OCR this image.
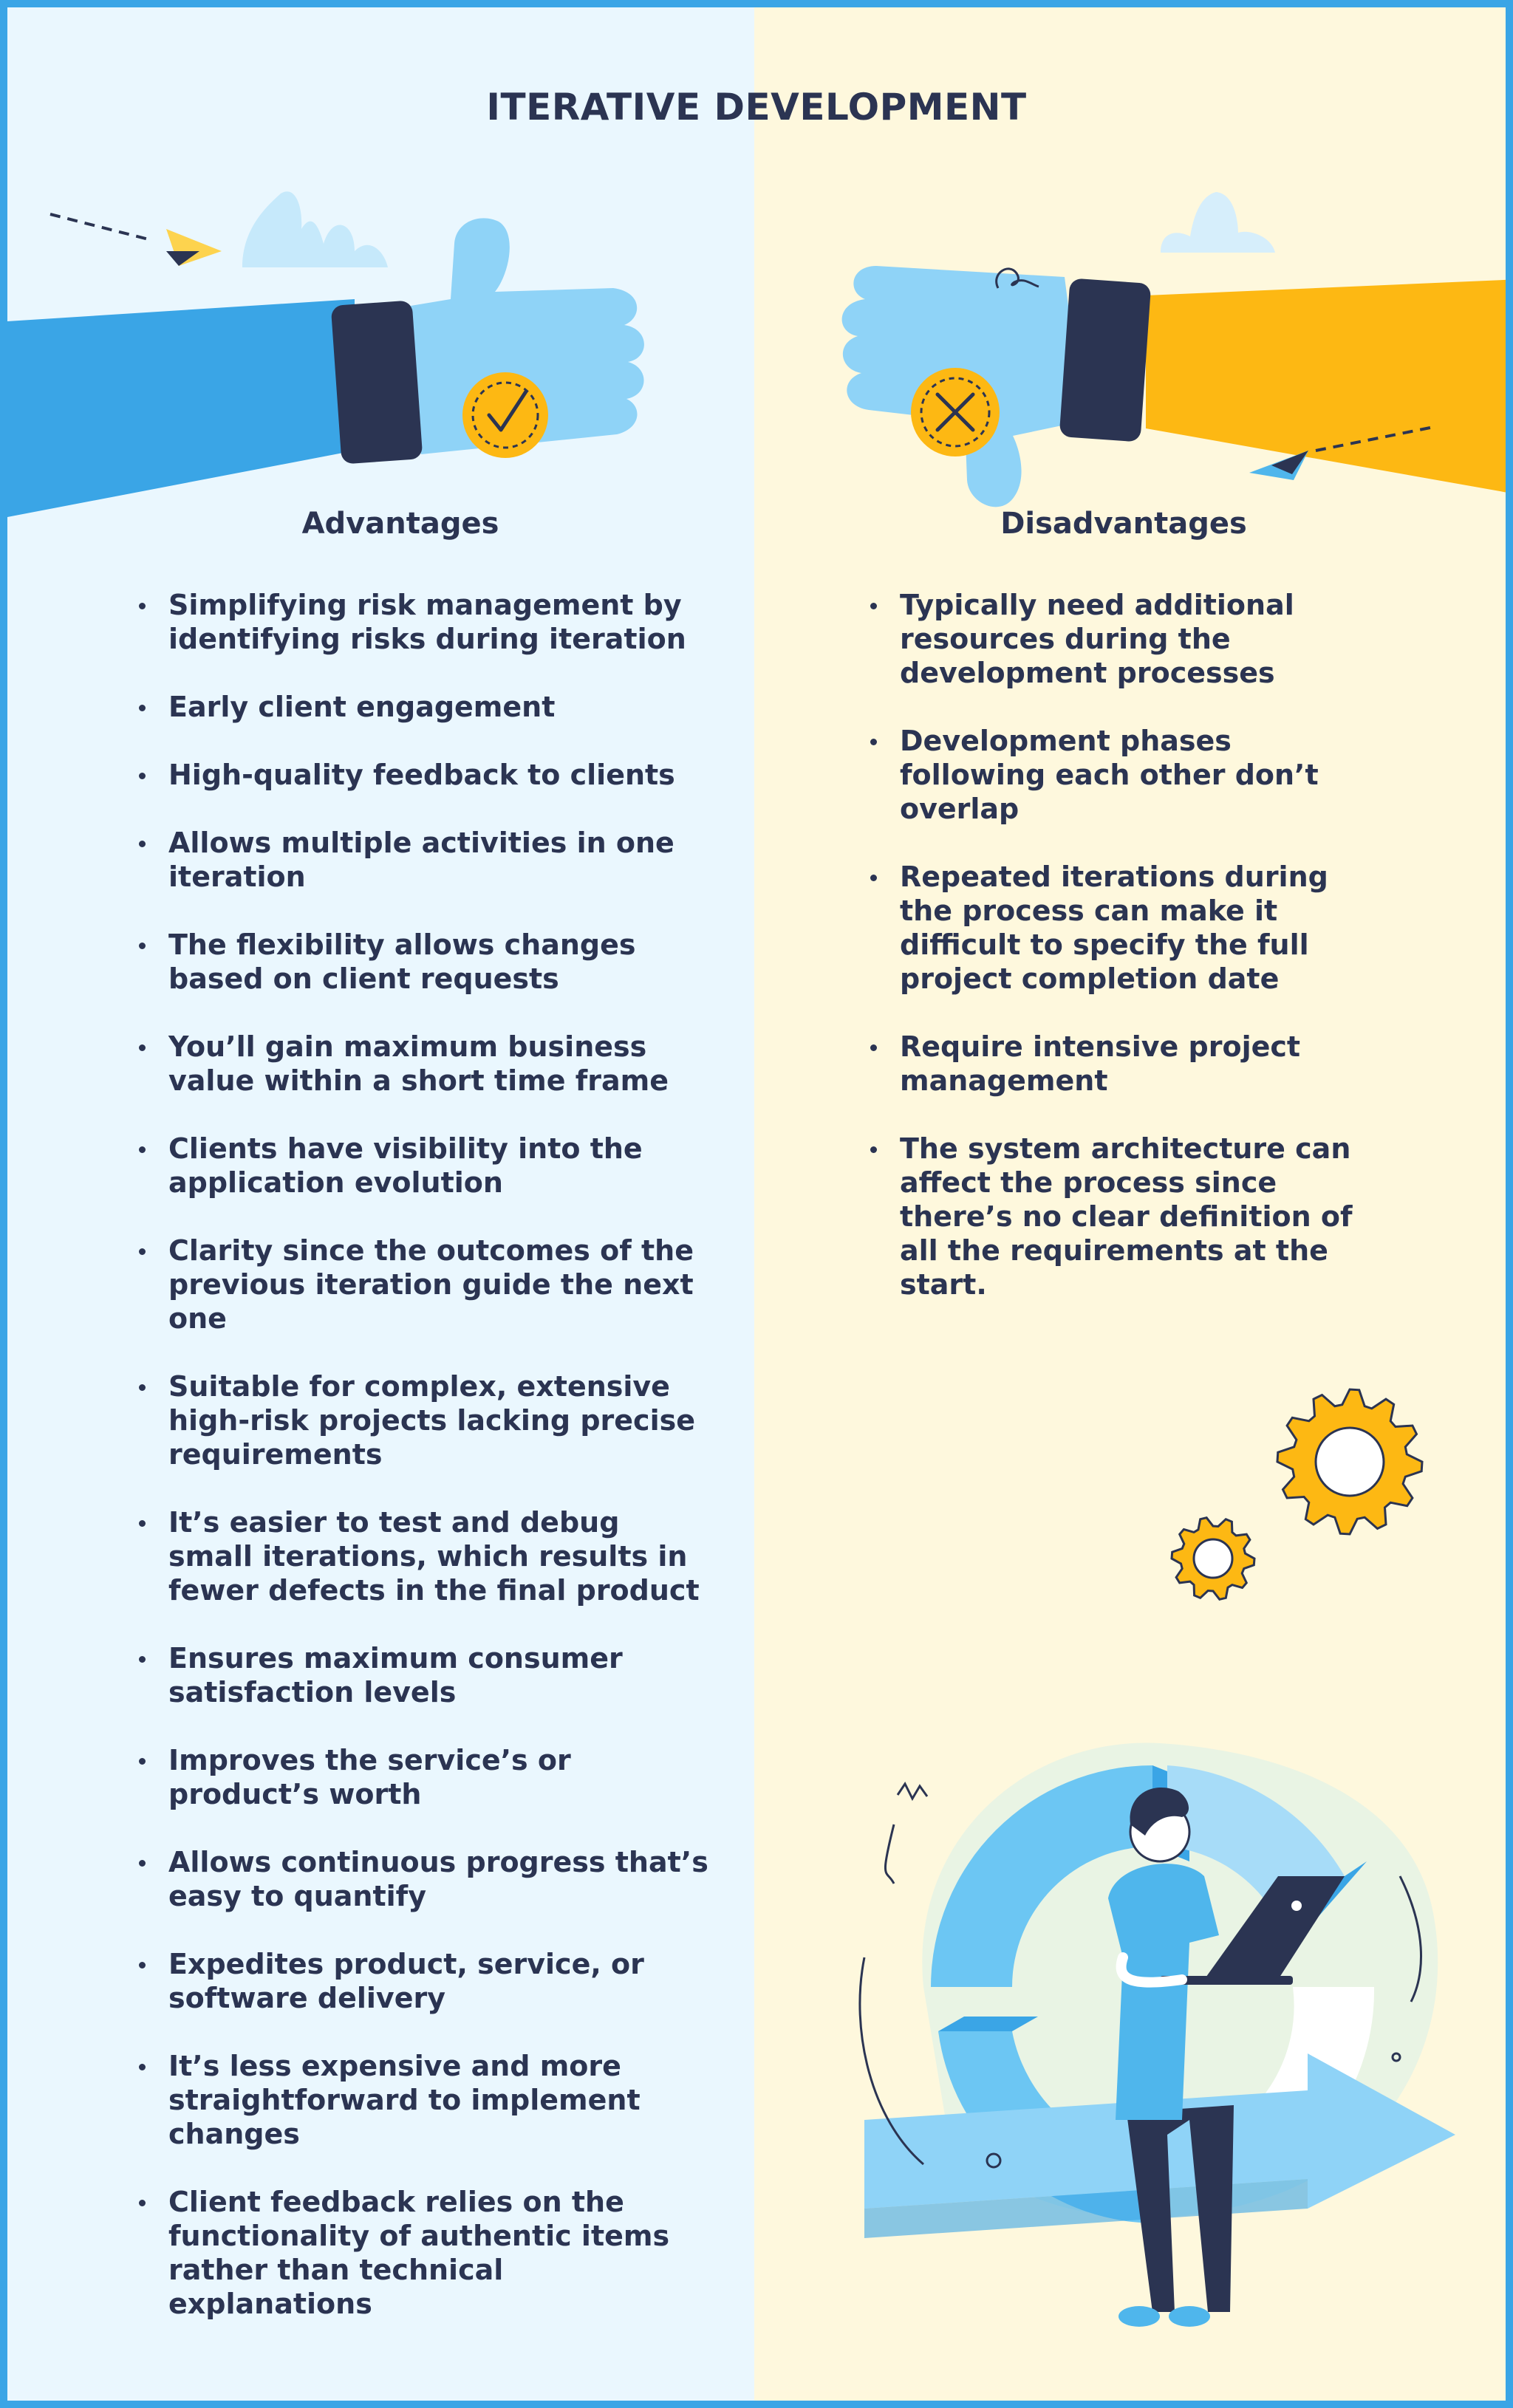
ITERATIVE DEVELOPMENT
Advantages	Disadvantages
Simplifying risk management by identifying risks during iteration
Early client engagement
High-quality feedback to clients
Allows multiple activities in one iteration
The flexibility allows changes based on client requests
You’ll gain maximum business value within a short time frame
Clients have visibility into the application evolution
Clarity since the outcomes of the previous iteration guide the next one
Suitable for complex, extensive high-risk projects lacking precise requirements
It’s easier to test and debug small iterations, which results in fewer defects in the final product
Ensures maximum consumer satisfaction levels
Improves the service’s or product’s worth
Allows continuous progress that’s easy to quantify
Expedites product, service, or software delivery
It’s less expensive and more straightforward to implement changes
Client feedback relies on the functionality of authentic items rather than technical explanations
Typically need additional resources during the development processes
Development phases following each other don’t overlap
Repeated iterations during the process can make it difficult to specify the full project completion date
Require intensive project management
The system architecture can affect the process since there’s no clear definition of all the requirements at the start.
